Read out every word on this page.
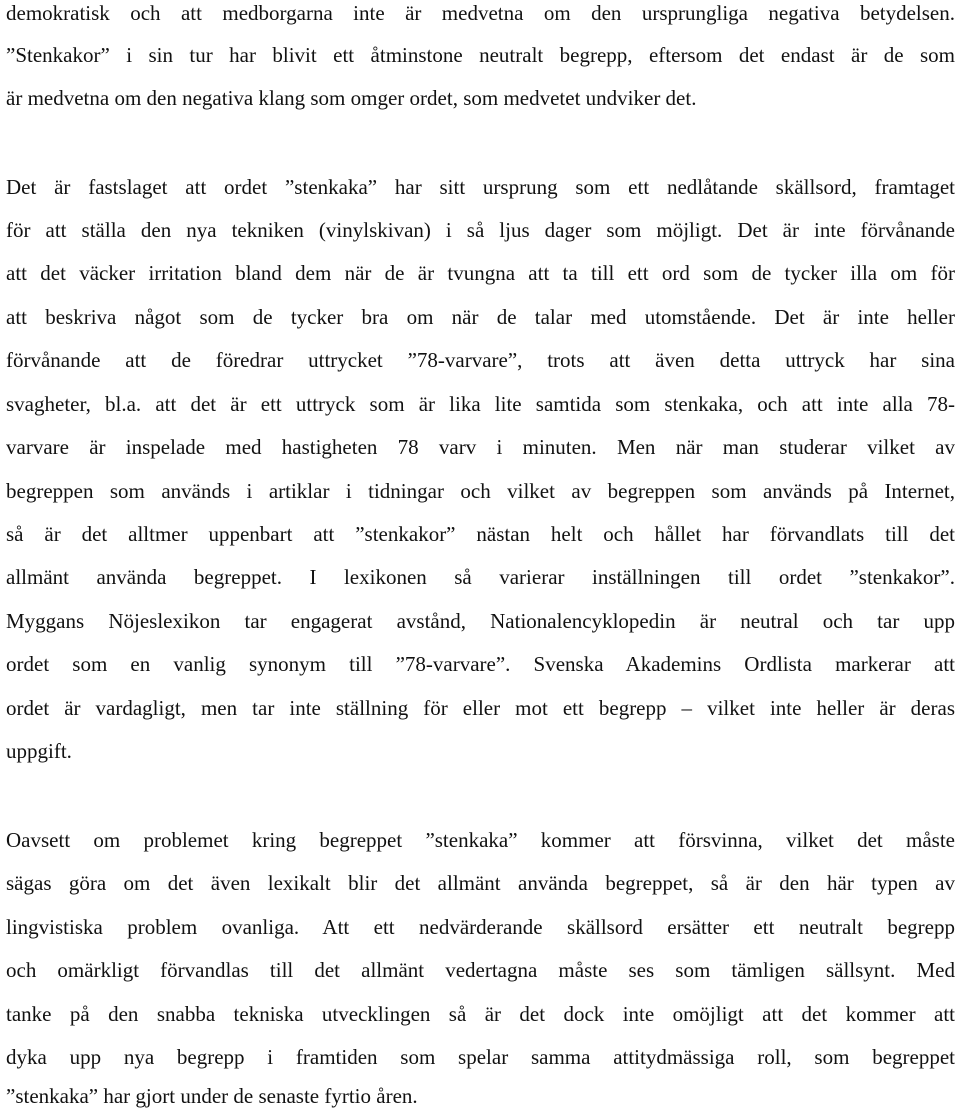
demokratisk och att medborgarna inte är medvetna om den ursprungliga negativa betydelsen.
”Stenkakor” i sin tur har blivit ett åtminstone neutralt begrepp, eftersom det endast är de som
är medvetna om den negativa klang som omger ordet, som medvetet undviker det.
Det är fastslaget att ordet ”stenkaka” har sitt ursprung som ett nedlåtande skällsord, framtaget
för att ställa den nya tekniken (vinylskivan) i så ljus dager som möjligt. Det är inte förvånande
att det väcker irritation bland dem när de är tvungna att ta till ett ord som de tycker illa om för
att beskriva något som de tycker bra om när de talar med utomstående. Det är inte heller
förvånande att de föredrar uttrycket ”78-varvare”, trots att även detta uttryck har sina
svagheter, bl.a. att det är ett uttryck som är lika lite samtida som stenkaka, och att inte alla 78-
varvare är inspelade med hastigheten 78 varv i minuten. Men när man studerar vilket av
begreppen som används i artiklar i tidningar och vilket av begreppen som används på Internet,
så är det alltmer uppenbart att ”stenkakor” nästan helt och hållet har förvandlats till det
allmänt använda begreppet. I lexikonen så varierar inställningen till ordet ”stenkakor”.
Myggans Nöjeslexikon tar engagerat avstånd, Nationalencyklopedin är neutral och tar upp
ordet som en vanlig synonym till ”78-varvare”. Svenska Akademins Ordlista markerar att
ordet är vardagligt, men tar inte ställning för eller mot ett begrepp – vilket inte heller är deras
uppgift.
Oavsett om problemet kring begreppet ”stenkaka” kommer att försvinna, vilket det måste
sägas göra om det även lexikalt blir det allmänt använda begreppet, så är den här typen av
lingvistiska problem ovanliga. Att ett nedvärderande skällsord ersätter ett neutralt begrepp
och omärkligt förvandlas till det allmänt vedertagna måste ses som tämligen sällsynt. Med
tanke på den snabba tekniska utvecklingen så är det dock inte omöjligt att det kommer att
dyka upp nya begrepp i framtiden som spelar samma attitydmässiga roll, som begreppet
”stenkaka” har gjort under de senaste fyrtio åren.
